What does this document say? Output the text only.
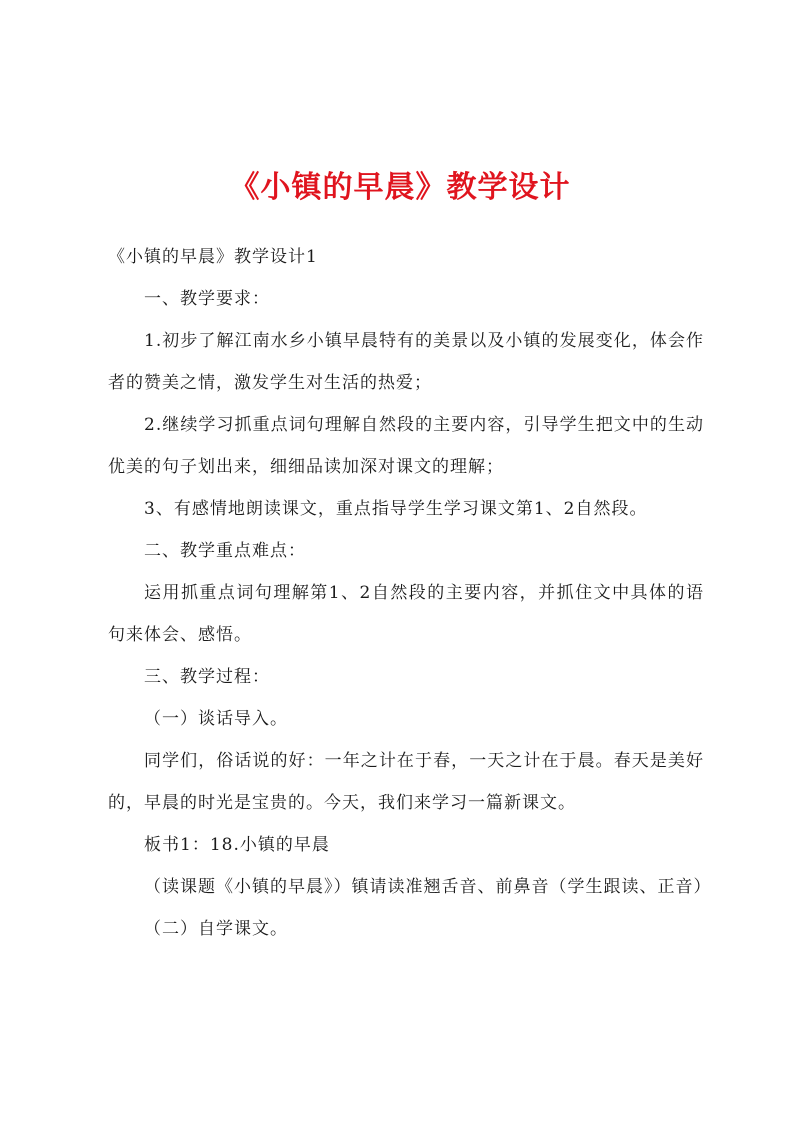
《小镇的早晨》教学设计

《小镇的早晨》教学设计1

一、教学要求：

1.初步了解江南水乡小镇早晨特有的美景以及小镇的发展变化，体会作者的赞美之情，激发学生对生活的热爱；

2.继续学习抓重点词句理解自然段的主要内容，引导学生把文中的生动优美的句子划出来，细细品读加深对课文的理解；

3、有感情地朗读课文，重点指导学生学习课文第1、2自然段。

二、教学重点难点：

运用抓重点词句理解第1、2自然段的主要内容，并抓住文中具体的语句来体会、感悟。

三、教学过程：

（一）谈话导入。

同学们，俗话说的好：一年之计在于春，一天之计在于晨。春天是美好的，早晨的时光是宝贵的。今天，我们来学习一篇新课文。

板书1：18.小镇的早晨

（读课题《小镇的早晨》）镇请读准翘舌音、前鼻音（学生跟读、正音）

（二）自学课文。
